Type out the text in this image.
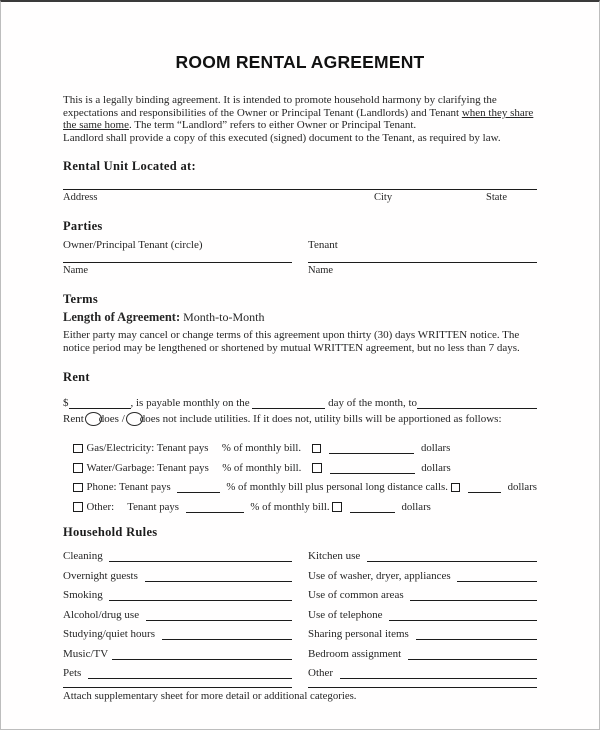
ROOM RENTAL AGREEMENT

This is a legally binding agreement. It is intended to promote household harmony by clarifying the expectations and responsibilities of the Owner or Principal Tenant (Landlords) and Tenant when they share the same home. The term “Landlord” refers to either Owner or Principal Tenant.
Landlord shall provide a copy of this executed (signed) document to the Tenant, as required by law.

Rental Unit Located at:
Address	City	State
Parties
Owner/Principal Tenant (circle)	Tenant
Name	Name
Terms
Length of Agreement: Month-to-Month

Either party may cancel or change terms of this agreement upon thirty (30) days WRITTEN notice. The notice period may be lengthened or shortened by mutual WRITTEN agreement, but no less than 7 days.

Rent
$	, is payable monthly on the	day of the month, to
Rent does / does not include utilities. If it does not, utility bills will be apportioned as follows:
Gas/Electricity: Tenant pays % of monthly bill.	dollars
Water/Garbage: Tenant pays % of monthly bill.	dollars
Phone: Tenant pays	% of monthly bill plus personal long distance calls.	dollars
Other: Tenant pays	% of monthly bill.	dollars
Household Rules
Cleaning	Kitchen use
Overnight guests	Use of washer, dryer, appliances
Smoking	Use of common areas
Alcohol/drug use	Use of telephone
Studying/quiet hours	Sharing personal items
Music/TV	Bedroom assignment
Pets	Other
Attach supplementary sheet for more detail or additional categories.
